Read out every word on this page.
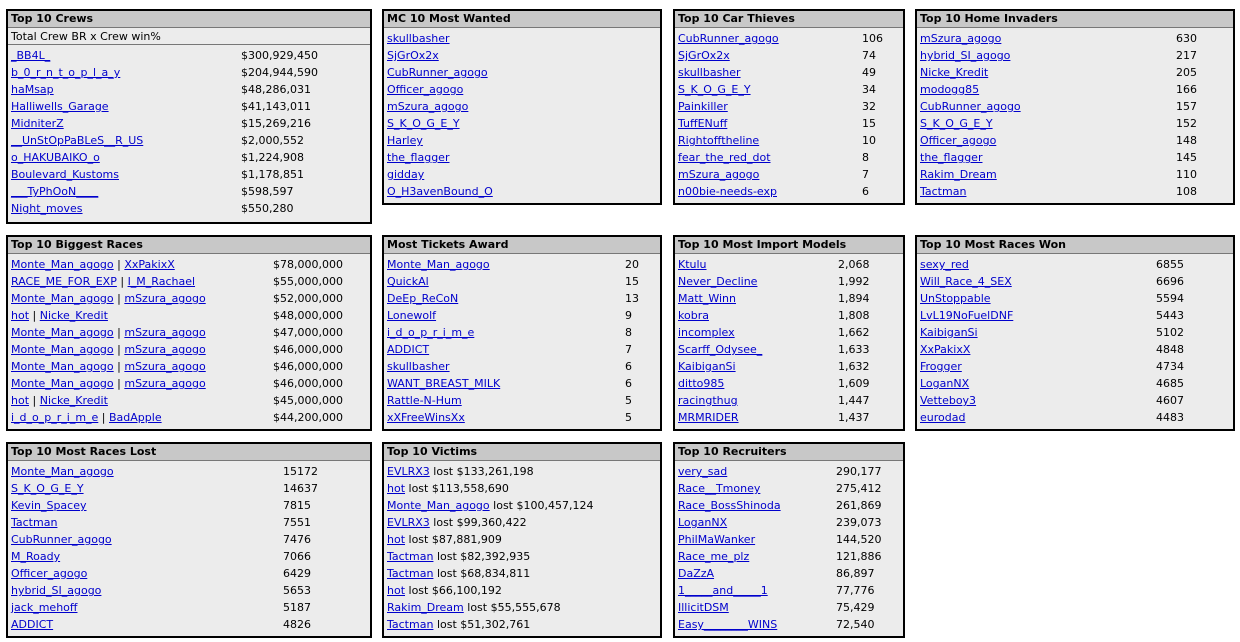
Top 10 Crews
Total Crew BR x Crew win%
_BB4L_	$300,929,450
b_0_r_n_t_o_p_l_a_y	$204,944,590
haMsap	$48,286,031
Halliwells_Garage	$41,143,011
MidniterZ	$15,269,216
__UnStOpPaBLeS__R_US	$2,000,552
o_HAKUBAIKO_o	$1,224,908
Boulevard_Kustoms	$1,178,851
___TyPhOoN____	$598,597
Night_moves	$550,280
MC 10 Most Wanted
skullbasher
SjGrOx2x
CubRunner_agogo
Officer_agogo
mSzura_agogo
S_K_O_G_E_Y
Harley
the_flagger
gidday
O_H3avenBound_O
Top 10 Car Thieves
CubRunner_agogo	106
SjGrOx2x	74
skullbasher	49
S_K_O_G_E_Y	34
Painkiller	32
TuffENuff	15
Rightofftheline	10
fear_the_red_dot	8
mSzura_agogo	7
n00bie-needs-exp	6
Top 10 Home Invaders
mSzura_agogo	630
hybrid_SI_agogo	217
Nicke_Kredit	205
modogg85	166
CubRunner_agogo	157
S_K_O_G_E_Y	152
Officer_agogo	148
the_flagger	145
Rakim_Dream	110
Tactman	108
Top 10 Biggest Races
Monte_Man_agogo | XxPakixX	$78,000,000
RACE_ME_FOR_EXP | I_M_Rachael	$55,000,000
Monte_Man_agogo | mSzura_agogo	$52,000,000
hot | Nicke_Kredit	$48,000,000
Monte_Man_agogo | mSzura_agogo	$47,000,000
Monte_Man_agogo | mSzura_agogo	$46,000,000
Monte_Man_agogo | mSzura_agogo	$46,000,000
Monte_Man_agogo | mSzura_agogo	$46,000,000
hot | Nicke_Kredit	$45,000,000
i_d_o_p_r_i_m_e | BadApple	$44,200,000
Most Tickets Award
Monte_Man_agogo	20
QuickAl	15
DeEp_ReCoN	13
Lonewolf	9
i_d_o_p_r_i_m_e	8
ADDICT	7
skullbasher	6
WANT_BREAST_MILK	6
Rattle-N-Hum	5
xXFreeWinsXx	5
Top 10 Most Import Models
Ktulu	2,068
Never_Decline	1,992
Matt_Winn	1,894
kobra	1,808
incomplex	1,662
Scarff_Odysee_	1,633
KaibiganSi	1,632
ditto985	1,609
racingthug	1,447
MRMRIDER	1,437
Top 10 Most Races Won
sexy_red	6855
Will_Race_4_SEX	6696
UnStoppable	5594
LvL19NoFuelDNF	5443
KaibiganSi	5102
XxPakixX	4848
Frogger	4734
LoganNX	4685
Vetteboy3	4607
eurodad	4483
Top 10 Most Races Lost
Monte_Man_agogo	15172
S_K_O_G_E_Y	14637
Kevin_Spacey	7815
Tactman	7551
CubRunner_agogo	7476
M_Roady	7066
Officer_agogo	6429
hybrid_SI_agogo	5653
jack_mehoff	5187
ADDICT	4826
Top 10 Victims
EVLRX3 lost $133,261,198
hot lost $113,558,690
Monte_Man_agogo lost $100,457,124
EVLRX3 lost $99,360,422
hot lost $87,881,909
Tactman lost $82,392,935
Tactman lost $68,834,811
hot lost $66,100,192
Rakim_Dream lost $55,555,678
Tactman lost $51,302,761
Top 10 Recruiters
very_sad	290,177
Race__Tmoney	275,412
Race_BossShinoda	261,869
LoganNX	239,073
PhilMaWanker	144,520
Race_me_plz	121,886
DaZzA	86,897
1_____and_____1	77,776
IllicitDSM	75,429
Easy________WINS	72,540
